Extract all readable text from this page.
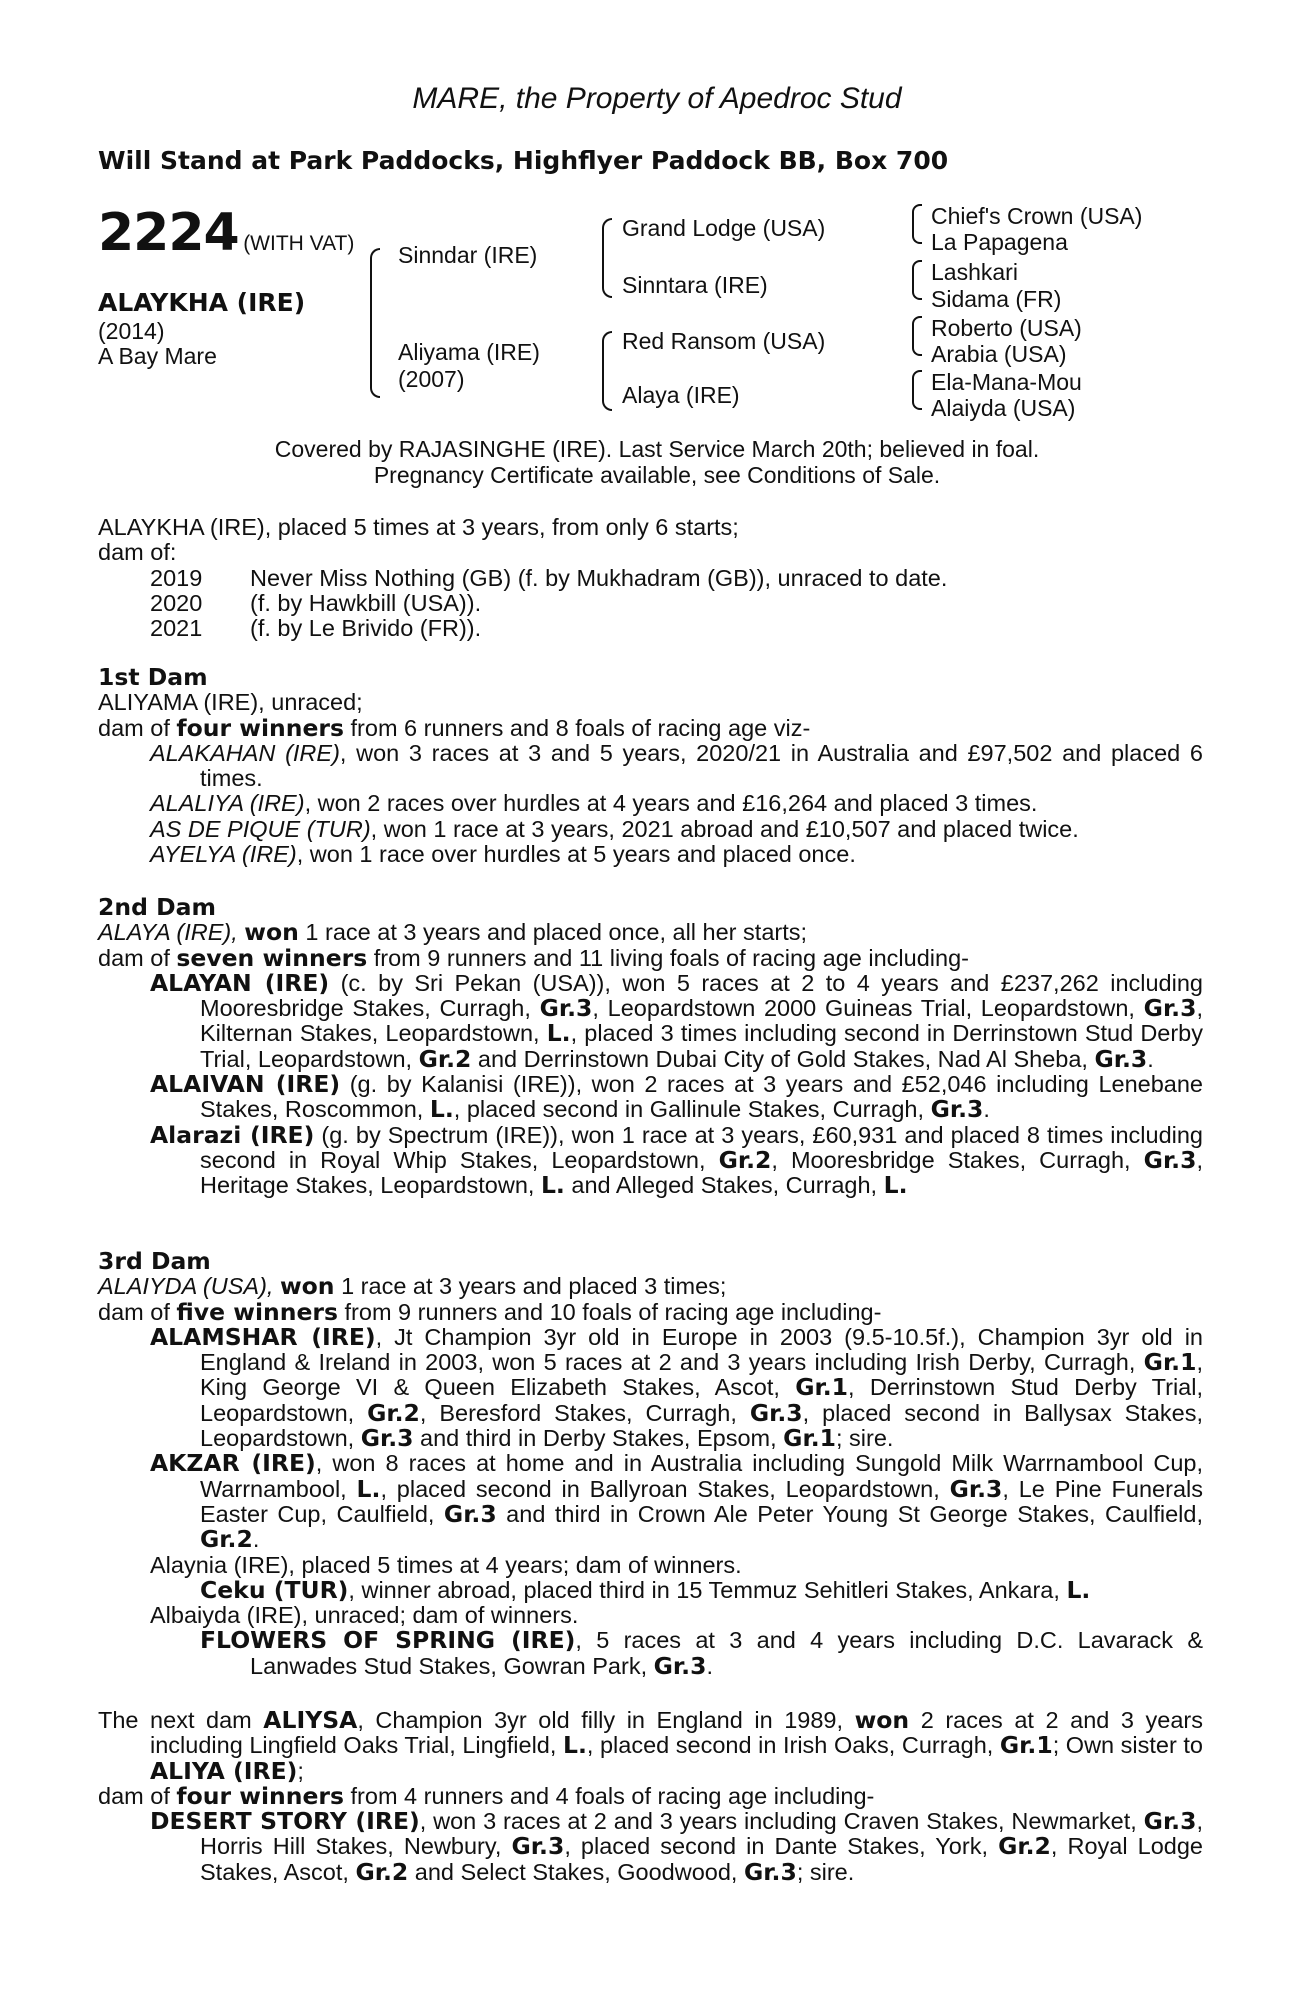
MARE, the Property of Apedroc Stud
Will Stand at Park Paddocks, Highflyer Paddock BB, Box 700
2224 (WITH VAT)
ALAYKHA (IRE)
(2014)
A Bay Mare
Sinndar (IRE)
Aliyama (IRE)
(2007)
Grand Lodge (USA)
Sinntara (IRE)
Red Ransom (USA)
Alaya (IRE)
Chief's Crown (USA)
La Papagena
Lashkari
Sidama (FR)
Roberto (USA)
Arabia (USA)
Ela-Mana-Mou
Alaiyda (USA)
Covered by RAJASINGHE (IRE). Last Service March 20th; believed in foal.
Pregnancy Certificate available, see Conditions of Sale.

ALAYKHA (IRE), placed 5 times at 3 years, from only 6 starts;

dam of:

2019	Never Miss Nothing (GB) (f. by Mukhadram (GB)), unraced to date.
2020	(f. by Hawkbill (USA)).
2021	(f. by Le Brivido (FR)).

1st Dam

ALIYAMA (IRE), unraced;

dam of four winners from 6 runners and 8 foals of racing age viz-

ALAKAHAN (IRE), won 3 races at 3 and 5 years, 2020/21 in Australia and £97,502 and placed 6 times.

ALALIYA (IRE), won 2 races over hurdles at 4 years and £16,264 and placed 3 times.

AS DE PIQUE (TUR), won 1 race at 3 years, 2021 abroad and £10,507 and placed twice.

AYELYA (IRE), won 1 race over hurdles at 5 years and placed once.

2nd Dam

ALAYA (IRE), won 1 race at 3 years and placed once, all her starts;

dam of seven winners from 9 runners and 11 living foals of racing age including-

ALAYAN (IRE) (c. by Sri Pekan (USA)), won 5 races at 2 to 4 years and £237,262 including Mooresbridge Stakes, Curragh, Gr.3, Leopardstown 2000 Guineas Trial, Leopardstown, Gr.3, Kilternan Stakes, Leopardstown, L., placed 3 times including second in Derrinstown Stud Derby Trial, Leopardstown, Gr.2 and Derrinstown Dubai City of Gold Stakes, Nad Al Sheba, Gr.3.

ALAIVAN (IRE) (g. by Kalanisi (IRE)), won 2 races at 3 years and £52,046 including Lenebane Stakes, Roscommon, L., placed second in Gallinule Stakes, Curragh, Gr.3.

Alarazi (IRE) (g. by Spectrum (IRE)), won 1 race at 3 years, £60,931 and placed 8 times including second in Royal Whip Stakes, Leopardstown, Gr.2, Mooresbridge Stakes, Curragh, Gr.3, Heritage Stakes, Leopardstown, L. and Alleged Stakes, Curragh, L.

3rd Dam

ALAIYDA (USA), won 1 race at 3 years and placed 3 times;

dam of five winners from 9 runners and 10 foals of racing age including-

ALAMSHAR (IRE), Jt Champion 3yr old in Europe in 2003 (9.5-10.5f.), Champion 3yr old in England & Ireland in 2003, won 5 races at 2 and 3 years including Irish Derby, Curragh, Gr.1, King George VI & Queen Elizabeth Stakes, Ascot, Gr.1, Derrinstown Stud Derby Trial, Leopardstown, Gr.2, Beresford Stakes, Curragh, Gr.3, placed second in Ballysax Stakes, Leopardstown, Gr.3 and third in Derby Stakes, Epsom, Gr.1; sire.

AKZAR (IRE), won 8 races at home and in Australia including Sungold Milk Warrnambool Cup, Warrnambool, L., placed second in Ballyroan Stakes, Leopardstown, Gr.3, Le Pine Funerals Easter Cup, Caulfield, Gr.3 and third in Crown Ale Peter Young St George Stakes, Caulfield, Gr.2.

Alaynia (IRE), placed 5 times at 4 years; dam of winners.

Ceku (TUR), winner abroad, placed third in 15 Temmuz Sehitleri Stakes, Ankara, L.

Albaiyda (IRE), unraced; dam of winners.

FLOWERS OF SPRING (IRE), 5 races at 3 and 4 years including D.C. Lavarack & Lanwades Stud Stakes, Gowran Park, Gr.3.

The next dam ALIYSA, Champion 3yr old filly in England in 1989, won 2 races at 2 and 3 years including Lingfield Oaks Trial, Lingfield, L., placed second in Irish Oaks, Curragh, Gr.1; Own sister to ALIYA (IRE);

dam of four winners from 4 runners and 4 foals of racing age including-

DESERT STORY (IRE), won 3 races at 2 and 3 years including Craven Stakes, Newmarket, Gr.3, Horris Hill Stakes, Newbury, Gr.3, placed second in Dante Stakes, York, Gr.2, Royal Lodge Stakes, Ascot, Gr.2 and Select Stakes, Goodwood, Gr.3; sire.
